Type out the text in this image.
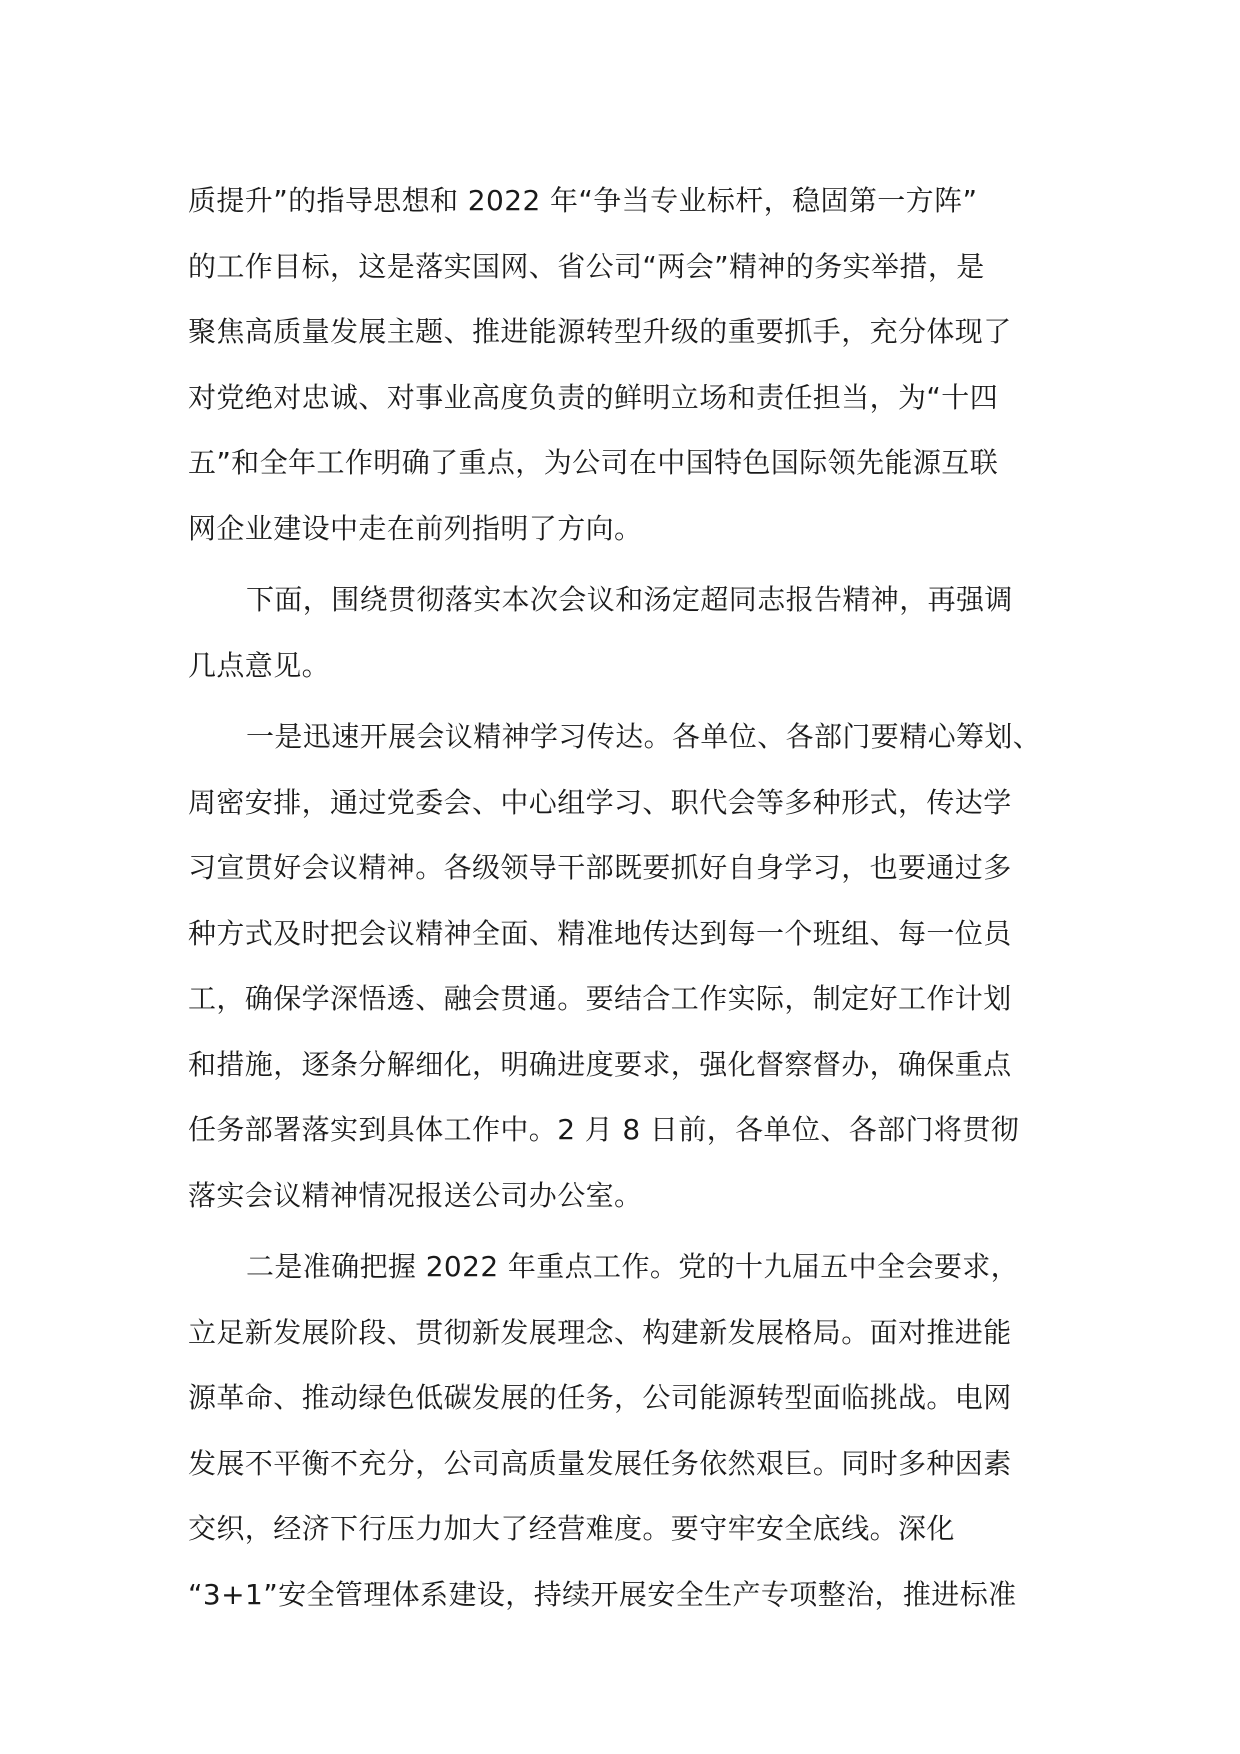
质提升”的指导思想和 2022 年“争当专业标杆，稳固第一方阵”
的工作目标，这是落实国网、省公司“两会”精神的务实举措，是
聚焦高质量发展主题、推进能源转型升级的重要抓手，充分体现了
对党绝对忠诚、对事业高度负责的鲜明立场和责任担当，为“十四
五”和全年工作明确了重点，为公司在中国特色国际领先能源互联
网企业建设中走在前列指明了方向。
下面，围绕贯彻落实本次会议和汤定超同志报告精神，再强调
几点意见。
一是迅速开展会议精神学习传达。各单位、各部门要精心筹划、
周密安排，通过党委会、中心组学习、职代会等多种形式，传达学
习宣贯好会议精神。各级领导干部既要抓好自身学习，也要通过多
种方式及时把会议精神全面、精准地传达到每一个班组、每一位员
工，确保学深悟透、融会贯通。要结合工作实际，制定好工作计划
和措施，逐条分解细化，明确进度要求，强化督察督办，确保重点
任务部署落实到具体工作中。2 月 8 日前，各单位、各部门将贯彻
落实会议精神情况报送公司办公室。
二是准确把握 2022 年重点工作。党的十九届五中全会要求，
立足新发展阶段、贯彻新发展理念、构建新发展格局。面对推进能
源革命、推动绿色低碳发展的任务，公司能源转型面临挑战。电网
发展不平衡不充分，公司高质量发展任务依然艰巨。同时多种因素
交织，经济下行压力加大了经营难度。要守牢安全底线。深化
“3+1”安全管理体系建设，持续开展安全生产专项整治，推进标准
